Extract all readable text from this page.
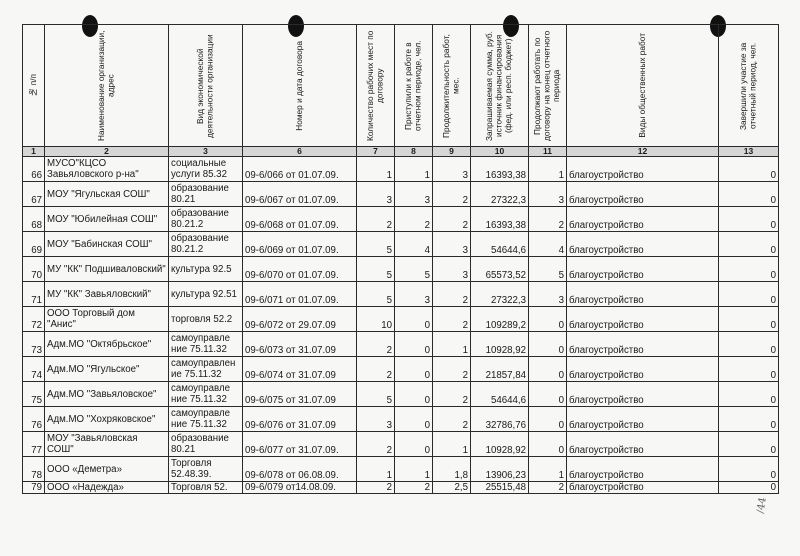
№ п/п	Наименование организации, адрес	Вид экономической деятельности организации	Номер и дата договора	Количество рабочих мест по договору	Приступили к работе в отчетном периоде, чел.	Продолжительность работ, мес.	Запрашиваемая сумма, руб. источник финансирования (фед. или респ. бюджет)	Продолжают работать по договору на конец отчетного периода	Виды общественных работ	Завершили участие за отчетный период, чел.

1	2	3	6	7	8	9	10	11	12	13
66	МУСО"КЦСО Завьяловского р-на"	социальные услуги 85.32	09-6/066 от 01.07.09.	1	1	3	16393,38	1	благоустройство	0
67	МОУ "Ягульская СОШ"	образование 80.21	09-6/067 от 01.07.09.	3	3	2	27322,3	3	благоустройство	0
68	МОУ "Юбилейная СОШ"	образование 80.21.2	09-6/068 от 01.07.09.	2	2	2	16393,38	2	благоустройство	0
69	МОУ "Бабинская СОШ"	образование 80.21.2	09-6/069 от 01.07.09.	5	4	3	54644,6	4	благоустройство	0
70	МУ "КК" Подшиваловский"	культура 92.5	09-6/070 от 01.07.09.	5	5	3	65573,52	5	благоустройство	0
71	МУ "КК" Завьяловский"	культура 92.51	09-6/071 от 01.07.09.	5	3	2	27322,3	3	благоустройство	0
72	ООО Торговый дом "Анис"	торговля 52.2	09-6/072 от 29.07.09	10	0	2	109289,2	0	благоустройство	0
73	Адм.МО "Октябрьское"	самоуправле ние 75.11.32	09-6/073 от 31.07.09	2	0	1	10928,92	0	благоустройство	0
74	Адм.МО "Ягульское"	самоуправлен ие 75.11.32	09-6/074 от 31.07.09	2	0	2	21857,84	0	благоустройство	0
75	Адм.МО "Завьяловское"	самоуправле ние 75.11.32	09-6/075 от 31.07.09	5	0	2	54644,6	0	благоустройство	0
76	Адм.МО "Хохряковское"	самоуправле ние 75.11.32	09-6/076 от 31.07.09	3	0	2	32786,76	0	благоустройство	0
77	МОУ "Завьяловская СОШ"	образование 80.21	09-6/077 от 31.07.09.	2	0	1	10928,92	0	благоустройство	0
78	ООО «Деметра»	Торговля 52.48.39.	09-6/078 от 06.08.09.	1	1	1,8	13906,23	1	благоустройство	0
79	ООО «Надежда»	Торговля 52.	09-6/079 от14.08.09.	2	2	2,5	25515,48	2	благоустройство	0
/44
